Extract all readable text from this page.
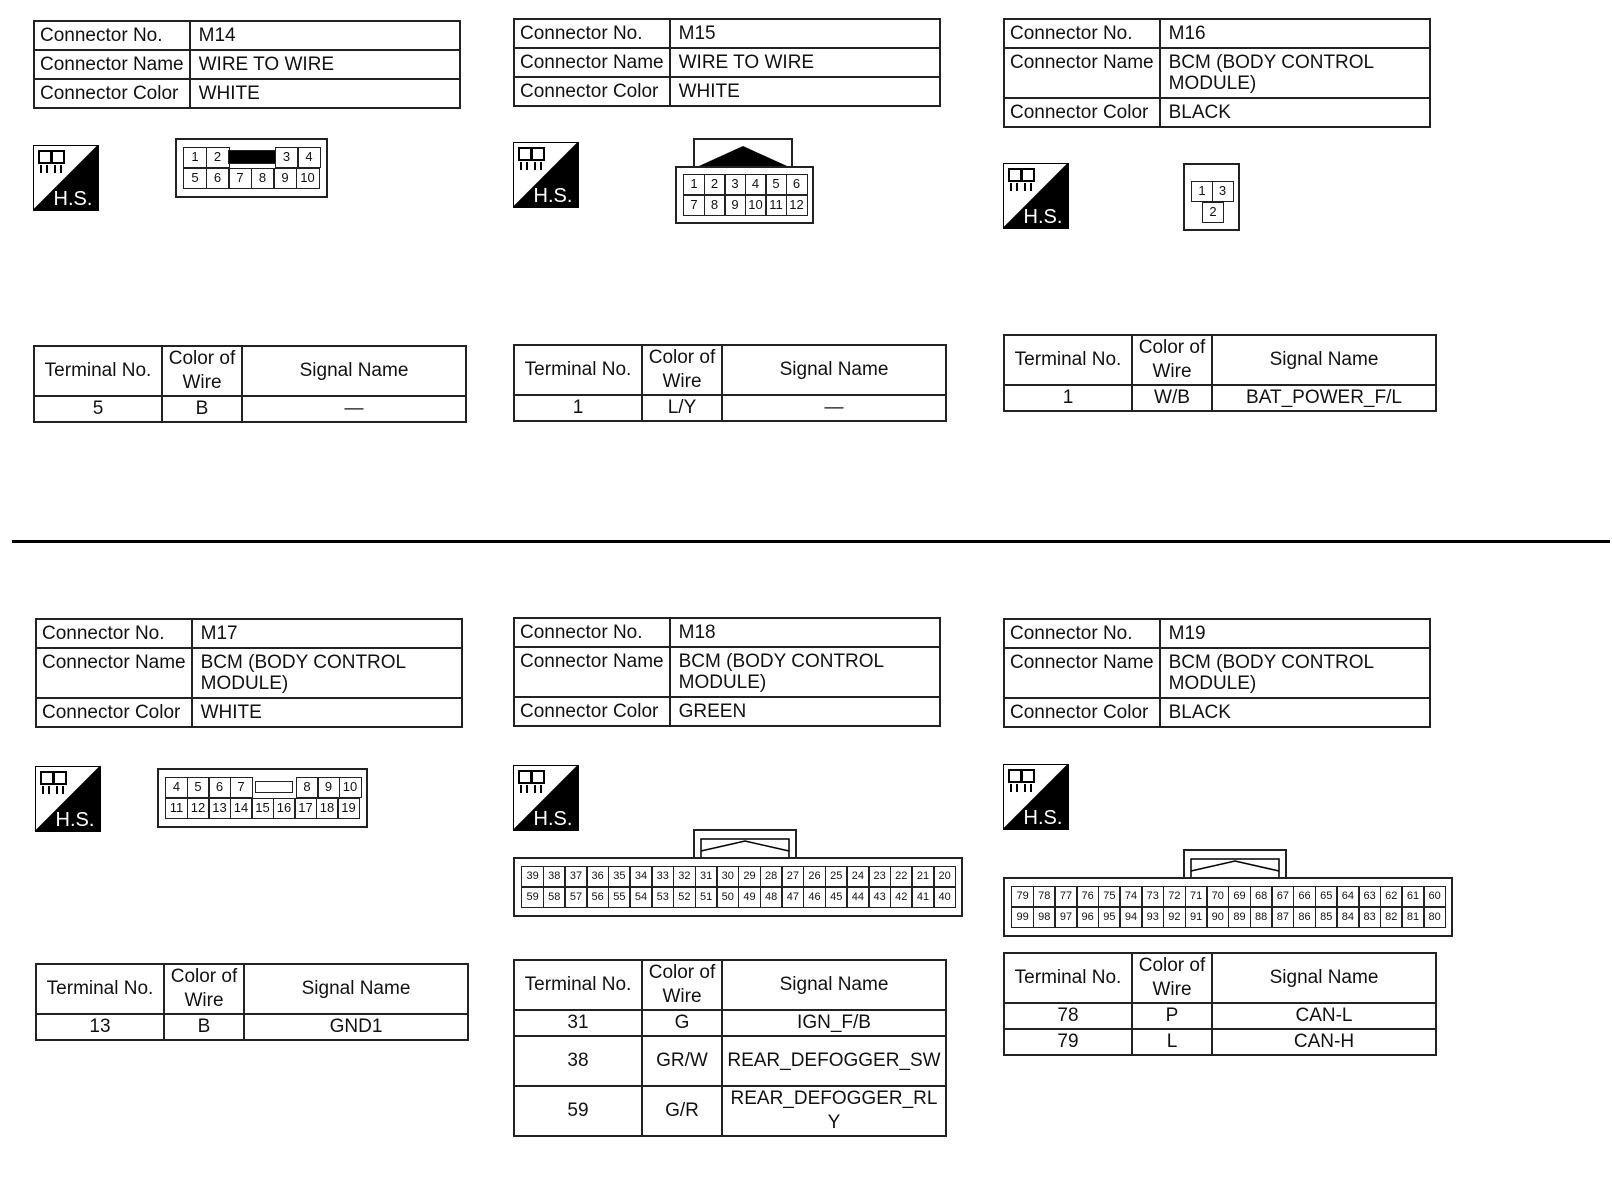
Connector No.	M14
Connector Name	WIRE TO WIRE
Connector Color	WHITE
H.S.
1	2	3	4
5	6	7	8	9 10
Terminal No.	Color of Wire	Signal Name
5	B	—
Connector No.	M15
Connector Name	WIRE TO WIRE
Connector Color	WHITE
H.S.
1	2	3	4	5	6
7	8	9 10 11 12
Terminal No.	Color of Wire	Signal Name
1	L/Y	—
Connector No.	M16
Connector Name	BCM (BODY CONTROL MODULE)
Connector Color	BLACK
H.S.
1	3
2
Terminal No.	Color of Wire	Signal Name
1	W/B	BAT_POWER_F/L
Connector No.	M17
Connector Name	BCM (BODY CONTROL MODULE)
Connector Color	WHITE
H.S.
4	5	6	7	8	9 10
11 12 13 14 15 16 17 18 19
Terminal No.	Color of Wire	Signal Name
13	B	GND1
Connector No.	M18
Connector Name	BCM (BODY CONTROL MODULE)
Connector Color	GREEN
H.S.
39 38 37 36 35 34 33 32 31 30 29 28 27 26 25 24 23 22 21 20
59 58 57 56 55 54 53 52 51 50 49 48 47 46 45 44 43 42 41 40
Terminal No.	Color of Wire	Signal Name
31	G	IGN_F/B
38	GR/W	REAR_DEFOGGER_SW
59	G/R	REAR_DEFOGGER_RLY
Connector No.	M19
Connector Name	BCM (BODY CONTROL MODULE)
Connector Color	BLACK
H.S.
79 78 77 76 75 74 73 72 71 70 69 68 67 66 65 64 63 62 61 60
99 98 97 96 95 94 93 92 91 90 89 88 87 86 85 84 83 82 81 80
Terminal No.	Color of Wire	Signal Name
78	P	CAN-L
79	L	CAN-H
